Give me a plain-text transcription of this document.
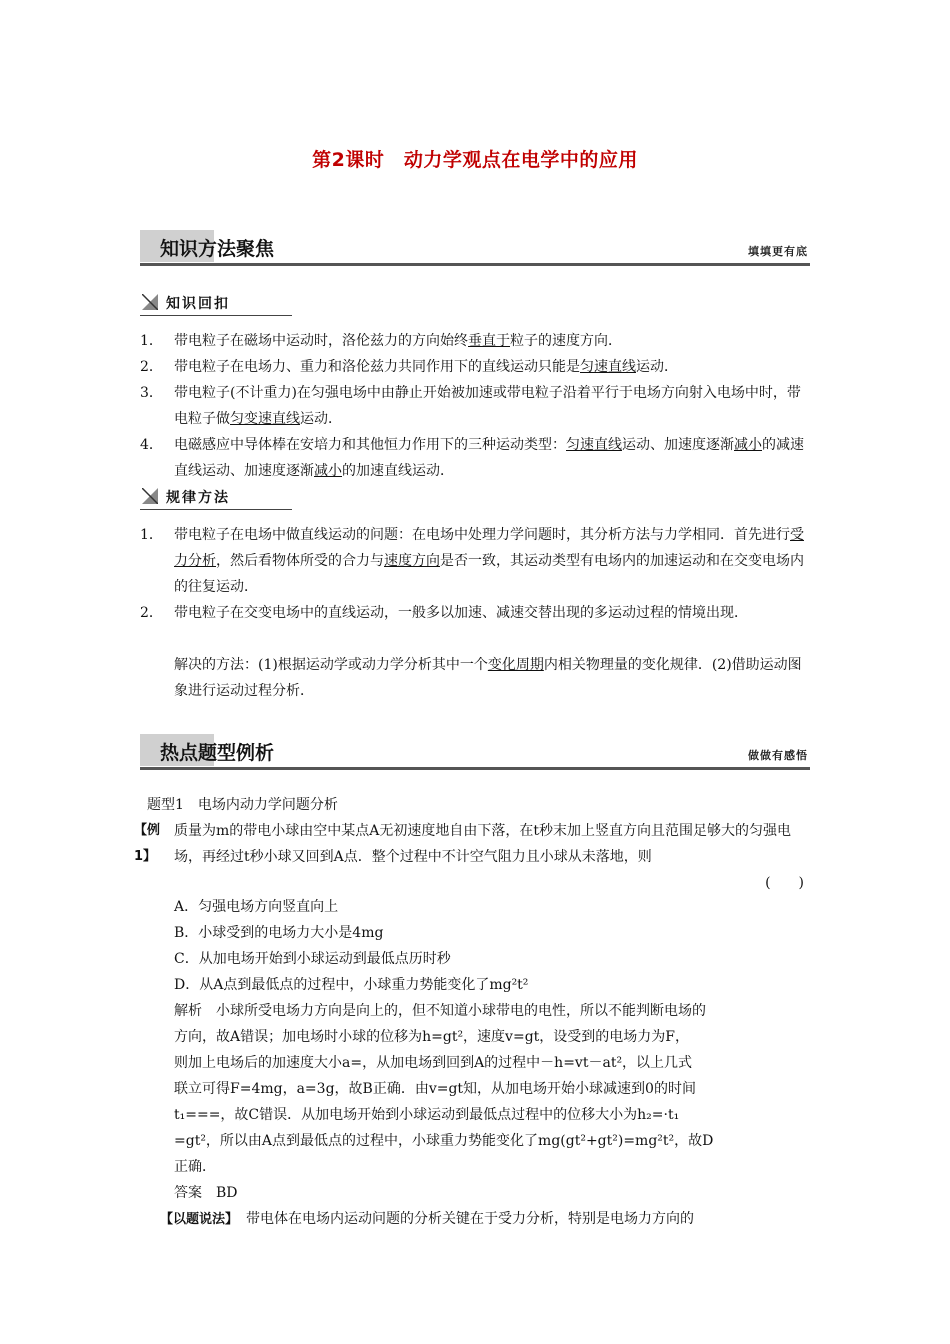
第2课时　动力学观点在电学中的应用
知识方法聚焦	填填更有底
知识回扣
1． 带电粒子在磁场中运动时，洛伦兹力的方向始终垂直于粒子的速度方向．
2． 带电粒子在电场力、重力和洛伦兹力共同作用下的直线运动只能是匀速直线运动．
3． 带电粒子(不计重力)在匀强电场中由静止开始被加速或带电粒子沿着平行于电场方向射入电场中时，带电粒子做匀变速直线运动．
4． 电磁感应中导体棒在安培力和其他恒力作用下的三种运动类型：匀速直线运动、加速度逐渐减小的减速直线运动、加速度逐渐减小的加速直线运动．
规律方法
1． 带电粒子在电场中做直线运动的问题：在电场中处理力学问题时，其分析方法与力学相同．首先进行受力分析，然后看物体所受的合力与速度方向是否一致，其运动类型有电场内的加速运动和在交变电场内的往复运动．
2． 带电粒子在交变电场中的直线运动，一般多以加速、减速交替出现的多运动过程的情境出现．
解决的方法：(1)根据运动学或动力学分析其中一个变化周期内相关物理量的变化规律．(2)借助运动图象进行运动过程分析．
热点题型例析	做做有感悟
题型1　电场内动力学问题分析
【例1】
质量为m的带电小球由空中某点A无初速度地自由下落，在t秒末加上竖直方向且范围足够大的匀强电场，再经过t秒小球又回到A点．整个过程中不计空气阻力且小球从未落地，则
(　　)
A．匀强电场方向竖直向上
B．小球受到的电场力大小是4mg
C．从加电场开始到小球运动到最低点历时秒
D．从A点到最低点的过程中，小球重力势能变化了mg²t²
解析 小球所受电场力方向是向上的，但不知道小球带电的电性，所以不能判断电场的
方向，故A错误；加电场时小球的位移为h=gt²，速度v=gt，设受到的电场力为F，
则加上电场后的加速度大小a=，从加电场到回到A的过程中－h=vt－at²，以上几式
联立可得F=4mg，a=3g，故B正确．由v=gt知，从加电场开始小球减速到0的时间
t₁===，故C错误．从加电场开始到小球运动到最低点过程中的位移大小为h₂=·t₁
=gt²，所以由A点到最低点的过程中，小球重力势能变化了mg(gt²+gt²)=mg²t²，故D
正确．
答案 BD
【以题说法】 带电体在电场内运动问题的分析关键在于受力分析，特别是电场力方向的
